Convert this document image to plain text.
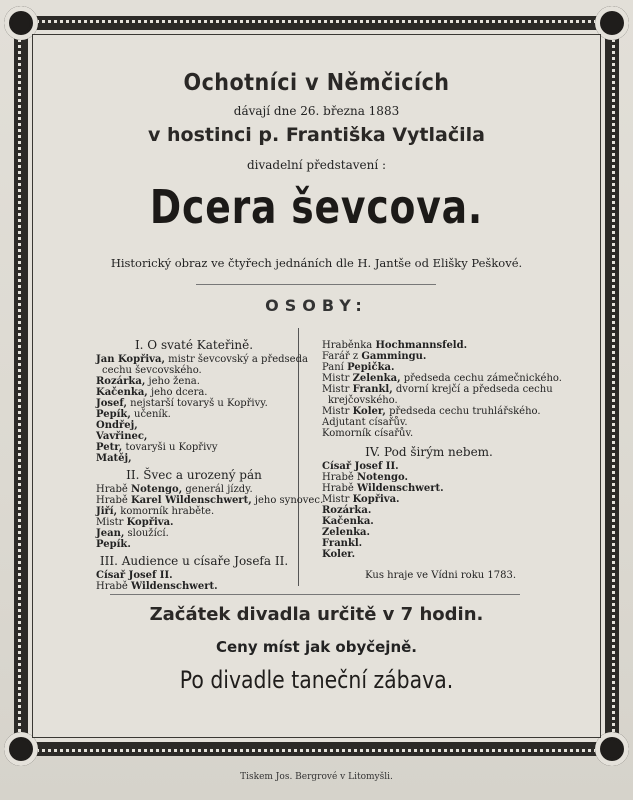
Ochotníci v Němčicích
dávají dne 26. března 1883
v hostinci p. Františka Vytlačila
divadelní představení :
Dcera ševcova.
Historický obraz ve čtyřech jednáních dle H. Jantše od Elišky Peškové.
OSOBY:
I. O svaté Kateřině.
Jan Kopřiva, mistr ševcovský a předseda
cechu ševcovského.
Rozárka, jeho žena.
Kačenka, jeho dcera.
Josef, nejstarší tovaryš u Kopřivy.
Pepík, učeník.
Ondřej,
Vavřinec,
Petr, tovaryši u Kopřivy
Matěj,
II. Švec a urozený pán
Hrabě Notengo, generál jízdy.
Hrabě Karel Wildenschwert, jeho synovec.
Jiří, komorník hraběte.
Mistr Kopřiva.
Jean, sloužící.
Pepík.
III. Audience u císaře Josefa II.
Císař Josef II.
Hrabě Wildenschwert.
Hraběnka Hochmannsfeld.
Farář z Gammingu.
Paní Pepička.
Mistr Zelenka, předseda cechu zámečnického.
Mistr Frankl, dvorní krejčí a předseda cechu
krejčovského.
Mistr Koler, předseda cechu truhlářského.
Adjutant císařův.
Komorník císařův.
IV. Pod širým nebem.
Císař Josef II.
Hrabě Notengo.
Hrabě Wildenschwert.
Mistr Kopřiva.
Rozárka.
Kačenka.
Zelenka.
Frankl.
Koler.
Kus hraje ve Vídni roku 1783.
Začátek divadla určitě v 7 hodin.
Ceny míst jak obyčejně.
Po divadle taneční zábava.
Tiskem Jos. Bergrové v Litomyšli.
